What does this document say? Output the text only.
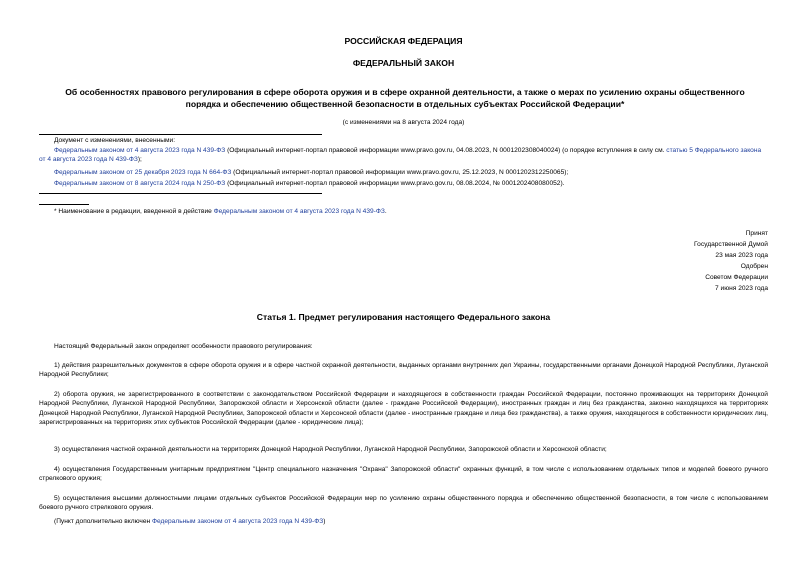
РОССИЙСКАЯ ФЕДЕРАЦИЯ
ФЕДЕРАЛЬНЫЙ ЗАКОН
Об особенностях правового регулирования в сфере оборота оружия и в сфере охранной деятельности, а также о мерах по усилению охраны общественного порядка и обеспечению общественной безопасности в отдельных субъектах Российской Федерации*
(с изменениями на 8 августа 2024 года)

Документ с изменениями, внесенными:

Федеральным законом от 4 августа 2023 года N 439-ФЗ (Официальный интернет-портал правовой информации www.pravo.gov.ru, 04.08.2023, N 0001202308040024) (о порядке вступления в силу см. статью 5 Федерального закона от 4 августа 2023 года N 439-ФЗ);

Федеральным законом от 25 декабря 2023 года N 664-ФЗ (Официальный интернет-портал правовой информации www.pravo.gov.ru, 25.12.2023, N 0001202312250065);

Федеральным законом от 8 августа 2024 года N 250-ФЗ (Официальный интернет-портал правовой информации www.pravo.gov.ru, 08.08.2024, № 0001202408080052).

* Наименование в редакции, введенной в действие Федеральным законом от 4 августа 2023 года N 439-ФЗ.

Принят
Государственной Думой
23 мая 2023 года
Одобрен
Советом Федерации
7 июня 2023 года
Статья 1. Предмет регулирования настоящего Федерального закона

Настоящий Федеральный закон определяет особенности правового регулирования:

1) действия разрешительных документов в сфере оборота оружия и в сфере частной охранной деятельности, выданных органами внутренних дел Украины, государственными органами Донецкой Народной Республики, Луганской Народной Республики;

2) оборота оружия, не зарегистрированного в соответствии с законодательством Российской Федерации и находящегося в собственности граждан Российской Федерации, постоянно проживающих на территориях Донецкой Народной Республики, Луганской Народной Республики, Запорожской области и Херсонской области (далее - граждане Российской Федерации), иностранных граждан и лиц без гражданства, законно находящихся на территориях Донецкой Народной Республики, Луганской Народной Республики, Запорожской области и Херсонской области (далее - иностранные граждане и лица без гражданства), а также оружия, находящегося в собственности юридических лиц, зарегистрированных на территориях этих субъектов Российской Федерации (далее - юридические лица);

3) осуществления частной охранной деятельности на территориях Донецкой Народной Республики, Луганской Народной Республики, Запорожской области и Херсонской области;

4) осуществления Государственным унитарным предприятием "Центр специального назначения "Охрана" Запорожской области" охранных функций, в том числе с использованием отдельных типов и моделей боевого ручного стрелкового оружия;

5) осуществления высшими должностными лицами отдельных субъектов Российской Федерации мер по усилению охраны общественного порядка и обеспечению общественной безопасности, в том числе с использованием боевого ручного стрелкового оружия.

(Пункт дополнительно включен Федеральным законом от 4 августа 2023 года N 439-ФЗ)
